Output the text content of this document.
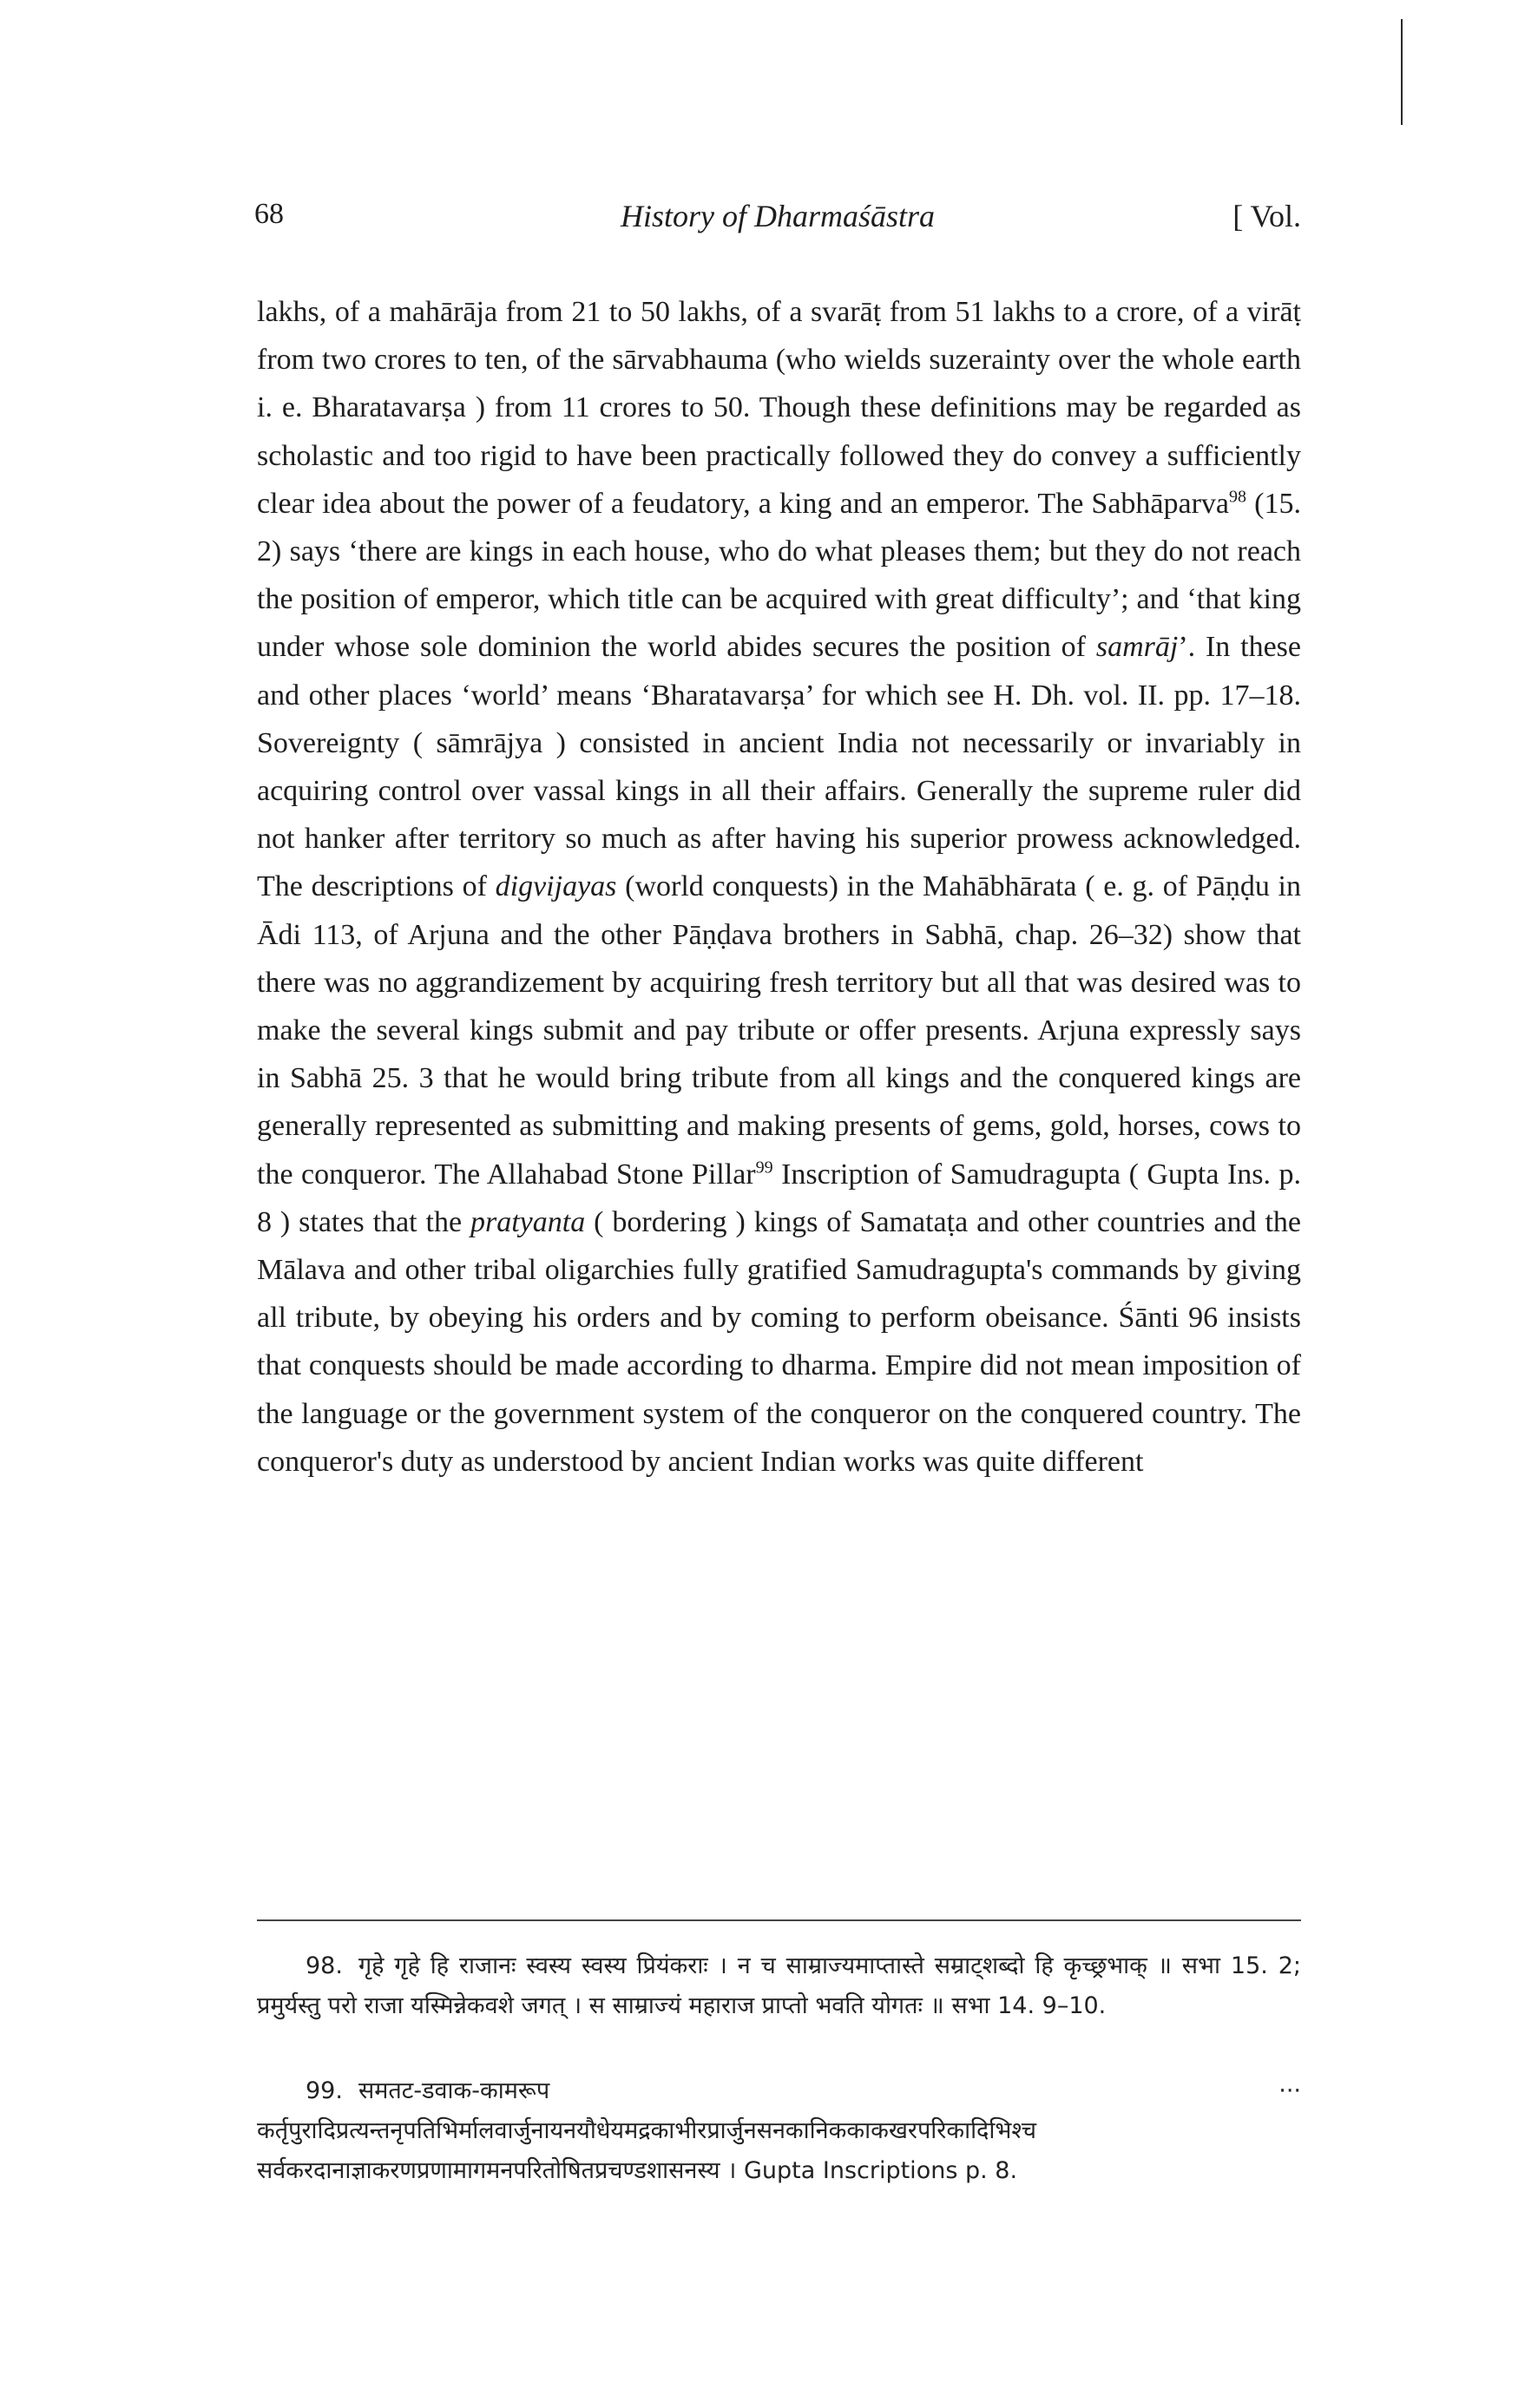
68	History of Dharmaśāstra	[ Vol.

lakhs, of a mahārāja from 21 to 50 lakhs, of a svarāṭ from 51 lakhs to a crore, of a virāṭ from two crores to ten, of the sārvabhauma (who wields suzerainty over the whole earth i. e. Bharatavarṣa ) from 11 crores to 50. Though these definitions may be regarded as scholastic and too rigid to have been practically followed they do convey a sufficiently clear idea about the power of a feudatory, a king and an emperor. The Sabhāparva$^{98}$ (15. 2) says ‘there are kings in each house, who do what pleases them; but they do not reach the position of emperor, which title can be acquired with great difficulty’; and ‘that king under whose sole dominion the world abides secures the position of samrāj’. In these and other places ‘world’ means ‘Bharatavarṣa’ for which see H. Dh. vol. II. pp. 17–18. Sovereignty ( sāmrājya ) consisted in ancient India not necessarily or invariably in acquiring control over vassal kings in all their affairs. Generally the supreme ruler did not hanker after territory so much as after having his superior prowess acknowledged. The descriptions of digvijayas (world conquests) in the Mahābhārata ( e. g. of Pāṇḍu in Ādi 113, of Arjuna and the other Pāṇḍava brothers in Sabhā, chap. 26–32) show that there was no aggrandizement by acquiring fresh territory but all that was desired was to make the several kings submit and pay tribute or offer presents. Arjuna expressly says in Sabhā 25. 3 that he would bring tribute from all kings and the conquered kings are generally represented as submitting and making presents of gems, gold, horses, cows to the conqueror. The Allahabad Stone Pillar$^{99}$ Inscription of Samudragupta ( Gupta Ins. p. 8 ) states that the pratyanta ( bordering ) kings of Samataṭa and other countries and the Mālava and other tribal oligarchies fully gratified Samudragupta's commands by giving all tribute, by obeying his orders and by coming to perform obeisance. Śānti 96 insists that conquests should be made according to dharma. Empire did not mean imposition of the language or the government system of the conqueror on the conquered country. The conqueror's duty as understood by ancient Indian works was quite different

98. गृहे गृहे हि राजानः स्वस्य स्वस्य प्रियंकराः । न च साम्राज्यमाप्तास्ते सम्राट्शब्दो हि कृच्छ्रभाक् ॥ सभा 15. 2; प्रमुर्यस्तु परो राजा यस्मिन्नेकवशे जगत् । स साम्राज्यं महाराज प्राप्तो भवति योगतः ॥ सभा 14. 9–10.

99. समतट-डवाक-कामरूप ··· कर्तृपुरादिप्रत्यन्तनृपतिभिर्मालवार्जुनायनयौधेयमद्रकाभीरप्रार्जुनसनकानिककाकखरपरिकादिभिश्च सर्वकरदानाज्ञाकरणप्रणामागमनपरितोषितप्रचण्डशासनस्य । Gupta Inscriptions p. 8.
